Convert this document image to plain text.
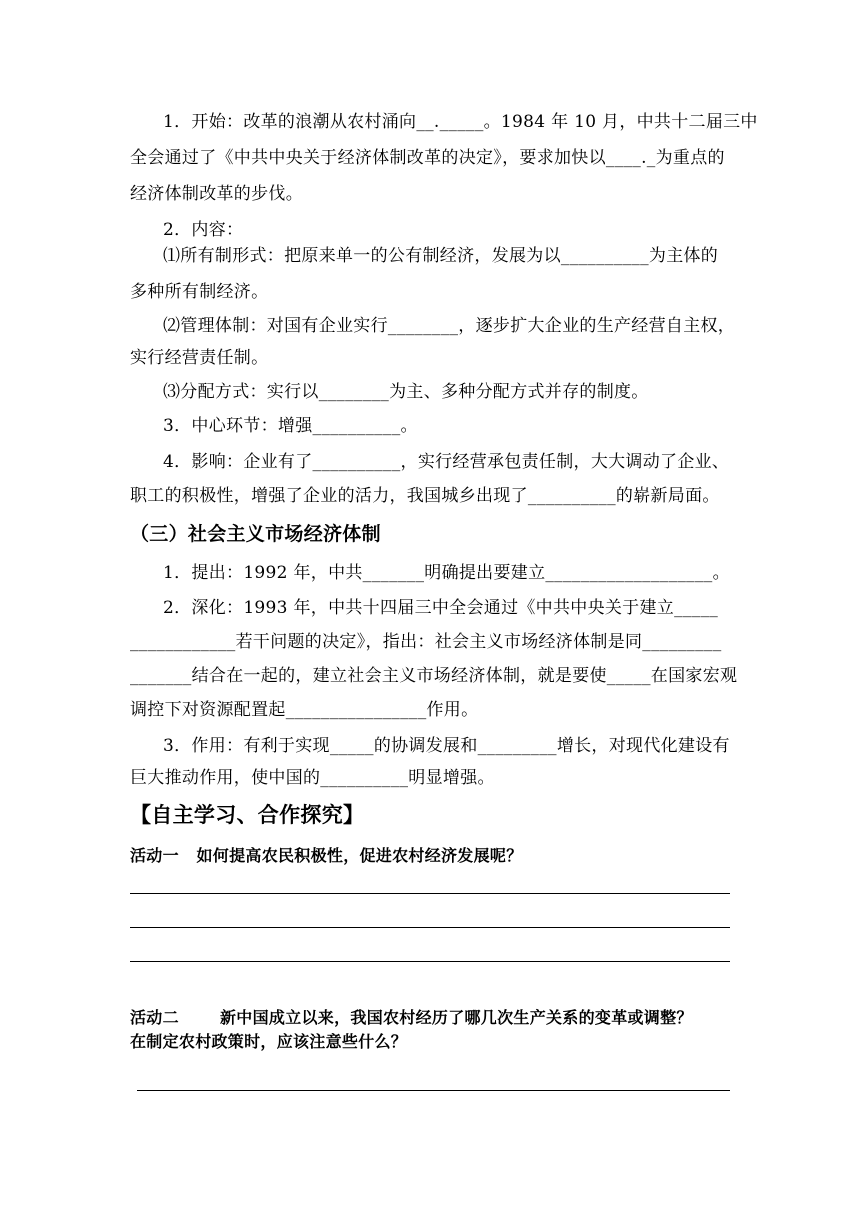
1．开始：改革的浪潮从农村涌向__._____。1984 年 10 月，中共十二届三中
全会通过了《中共中央关于经济体制改革的决定》，要求加快以____._为重点的
经济体制改革的步伐。
2．内容：
⑴所有制形式：把原来单一的公有制经济，发展为以__________为主体的
多种所有制经济。
⑵管理体制：对国有企业实行________，逐步扩大企业的生产经营自主权，
实行经营责任制。
⑶分配方式：实行以________为主、多种分配方式并存的制度。
3．中心环节：增强__________。
4．影响：企业有了__________，实行经营承包责任制，大大调动了企业、
职工的积极性，增强了企业的活力，我国城乡出现了__________的崭新局面。
（三）社会主义市场经济体制
1．提出：1992 年，中共_______明确提出要建立___________________。
2．深化：1993 年，中共十四届三中全会通过《中共中央关于建立_____
____________若干问题的决定》，指出：社会主义市场经济体制是同_________
_______结合在一起的，建立社会主义市场经济体制，就是要使_____在国家宏观
调控下对资源配置起________________作用。
3．作用：有利于实现_____的协调发展和_________增长，对现代化建设有
巨大推动作用，使中国的__________明显增强。
【自主学习、合作探究】
活动一   如何提高农民积极性，促进农村经济发展呢？
活动二       新中国成立以来，我国农村经历了哪几次生产关系的变革或调整？
在制定农村政策时，应该注意些什么？
